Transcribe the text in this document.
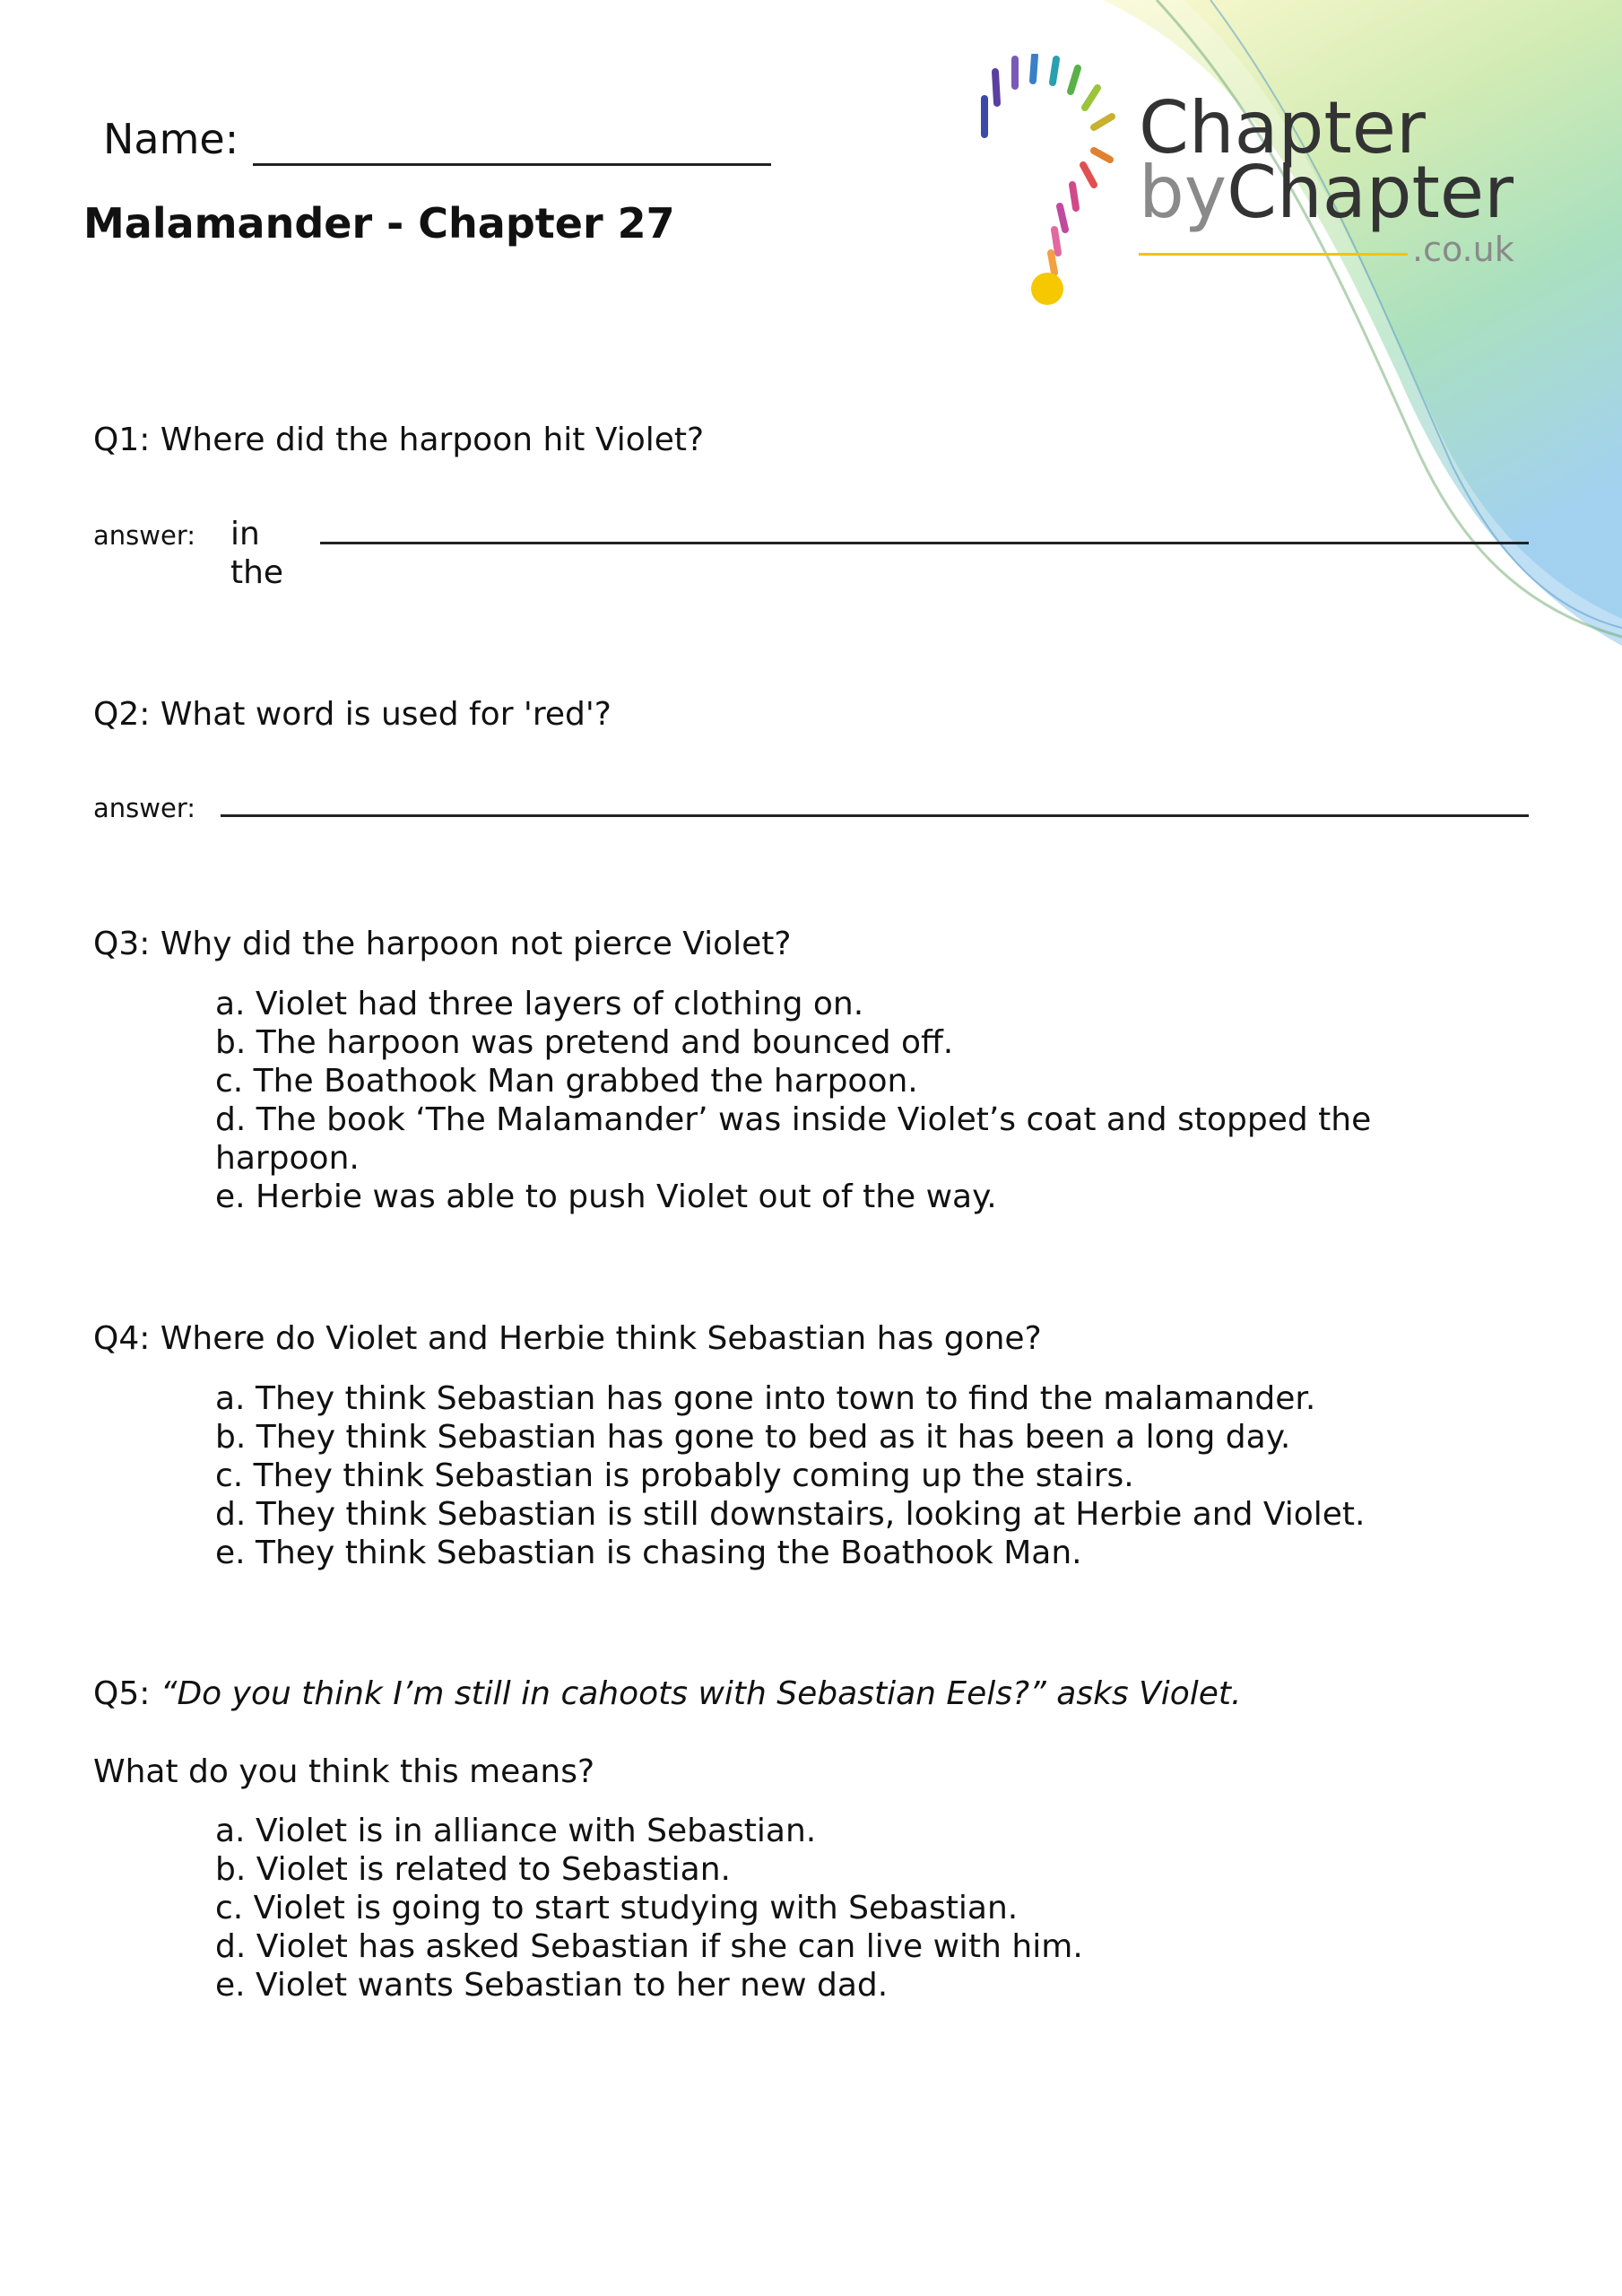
Chapter
byChapter
.co.uk
Name:
Malamander - Chapter 27
Q1: Where did the harpoon hit Violet?
answer: in
the
Q2: What word is used for 'red'?
answer:
Q3: Why did the harpoon not pierce Violet?
a. Violet had three layers of clothing on.
b. The harpoon was pretend and bounced off.
c. The Boathook Man grabbed the harpoon.
d. The book ‘The Malamander’ was inside Violet’s coat and stopped the harpoon.
e. Herbie was able to push Violet out of the way.
Q4: Where do Violet and Herbie think Sebastian has gone?
a. They think Sebastian has gone into town to find the malamander.
b. They think Sebastian has gone to bed as it has been a long day.
c. They think Sebastian is probably coming up the stairs.
d. They think Sebastian is still downstairs, looking at Herbie and Violet.
e. They think Sebastian is chasing the Boathook Man.
Q5: “Do you think I’m still in cahoots with Sebastian Eels?” asks Violet.
What do you think this means?
a. Violet is in alliance with Sebastian.
b. Violet is related to Sebastian.
c. Violet is going to start studying with Sebastian.
d. Violet has asked Sebastian if she can live with him.
e. Violet wants Sebastian to her new dad.
